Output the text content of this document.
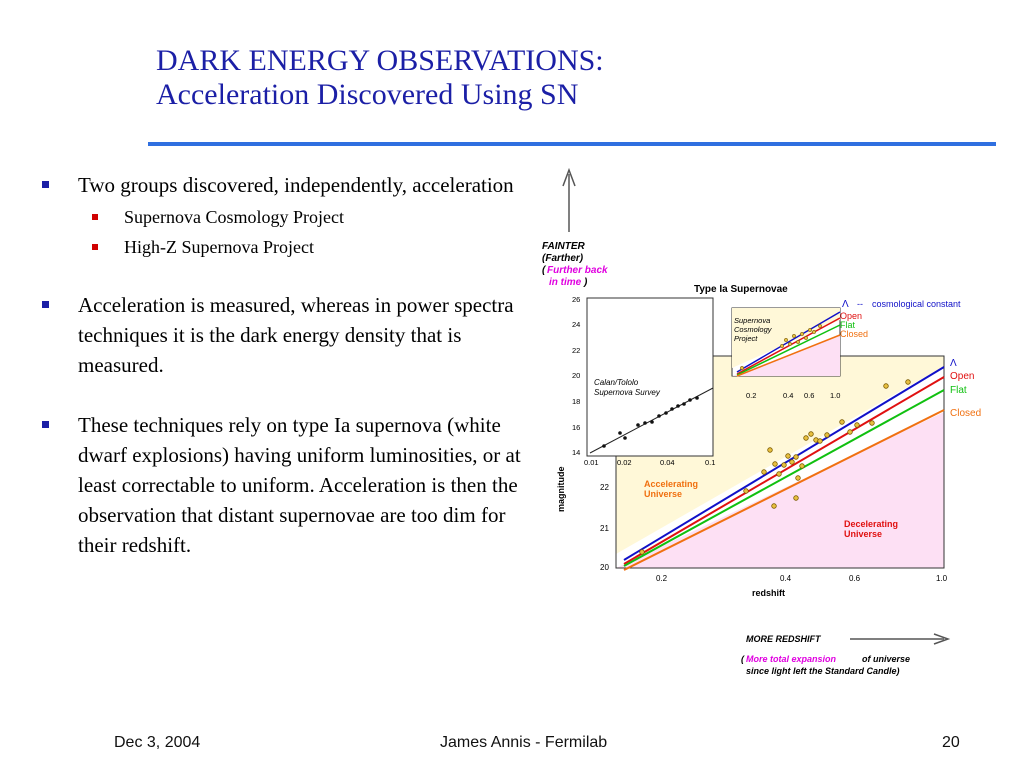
DARK ENERGY OBSERVATIONS:
Acceleration Discovered Using SN
Two groups discovered, independently, acceleration
Supernova Cosmology Project
High-Z Supernova Project
Acceleration is measured, whereas in power spectra techniques it is the dark energy density that is measured.
These techniques rely on type Ia supernova (white dwarf explosions) having uniform luminosities, or at least correctable to uniform. Acceleration is then the observation that distant supernovae are too dim for their redshift.
FAINTER
(Farther)
( Further back
in time )
Type Ia Supernovae
Λ
Open
Flat
Closed
Accelerating
Universe
Decelerating
Universe
0.2	0.4	0.6	1.0
20
21
22
redshift
magnitude
Calan/Tololo
Supernova Survey
26
24
22
20
18
16
14
0.01 0.02	0.04	0.1
Supernova
Cosmology
Project
0.2	0.4 0.6 1.0
Λ -- cosmological constant
Open
Flat
Closed
MORE REDSHIFT
( More total expansion	of universe
since light left the Standard Candle)
Dec 3, 2004	James Annis - Fermilab	20
